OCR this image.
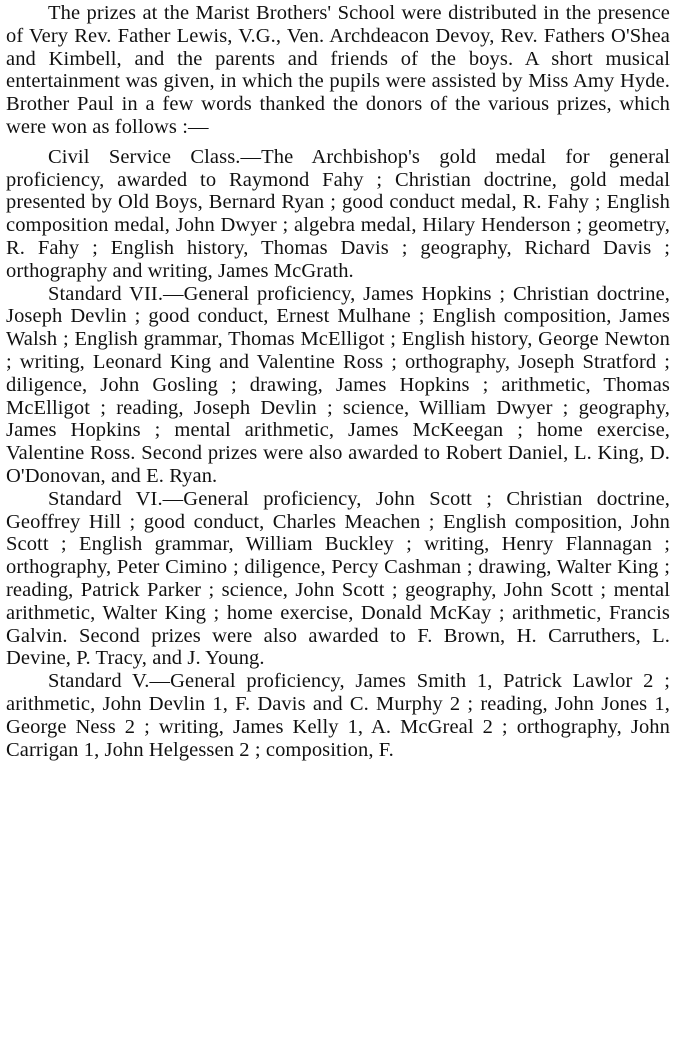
The prizes at the Marist Brothers' School were distributed in the presence of Very Rev. Father Lewis, V.G., Ven. Archdeacon Devoy, Rev. Fathers O'Shea and Kimbell, and the parents and friends of the boys. A short musical entertainment was given, in which the pupils were assisted by Miss Amy Hyde. Brother Paul in a few words thanked the donors of the various prizes, which were won as follows :—

Civil Service Class.—The Archbishop's gold medal for general proficiency, awarded to Raymond Fahy ; Christian doctrine, gold medal presented by Old Boys, Bernard Ryan ; good conduct medal, R. Fahy ; English composition medal, John Dwyer ; algebra medal, Hilary Henderson ; geometry, R. Fahy ; English history, Thomas Davis ; geography, Richard Davis ; orthography and writing, James McGrath.

Standard VII.—General proficiency, James Hopkins ; Christian doctrine, Joseph Devlin ; good conduct, Ernest Mulhane ; English composition, James Walsh ; English grammar, Thomas McElligot ; English history, George Newton ; writing, Leonard King and Valentine Ross ; orthography, Joseph Stratford ; diligence, John Gosling ; drawing, James Hopkins ; arithmetic, Thomas McElligot ; reading, Joseph Devlin ; science, William Dwyer ; geography, James Hopkins ; mental arithmetic, James McKeegan ; home exercise, Valentine Ross. Second prizes were also awarded to Robert Daniel, L. King, D. O'Donovan, and E. Ryan.

Standard VI.—General proficiency, John Scott ; Christian doctrine, Geoffrey Hill ; good conduct, Charles Meachen ; English composition, John Scott ; English grammar, William Buckley ; writing, Henry Flannagan ; orthography, Peter Cimino ; diligence, Percy Cashman ; drawing, Walter King ; reading, Patrick Parker ; science, John Scott ; geography, John Scott ; mental arithmetic, Walter King ; home exercise, Donald McKay ; arithmetic, Francis Galvin. Second prizes were also awarded to F. Brown, H. Carruthers, L. Devine, P. Tracy, and J. Young.

Standard V.—General proficiency, James Smith 1, Patrick Lawlor 2 ; arithmetic, John Devlin 1, F. Davis and C. Murphy 2 ; reading, John Jones 1, George Ness 2 ; writing, James Kelly 1, A. McGreal 2 ; orthography, John Carrigan 1, John Helgessen 2 ; composition, F.
